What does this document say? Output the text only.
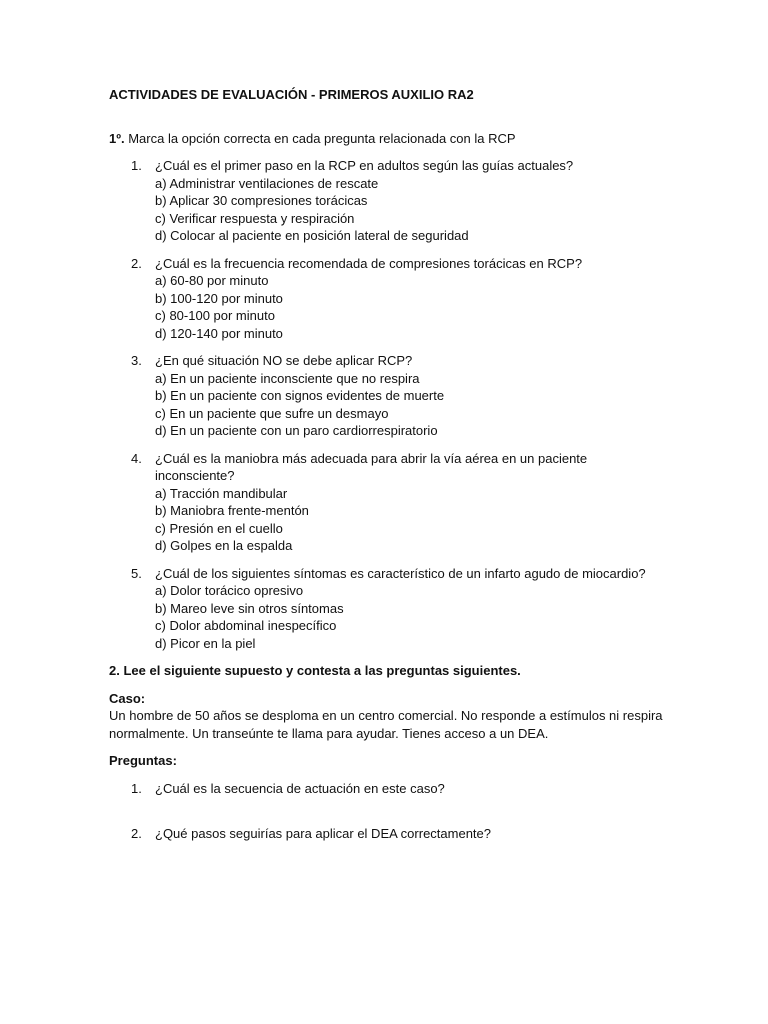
ACTIVIDADES DE EVALUACIÓN - PRIMEROS AUXILIO RA2
1º. Marca la opción correcta en cada pregunta relacionada con la RCP
1. ¿Cuál es el primer paso en la RCP en adultos según las guías actuales?
a) Administrar ventilaciones de rescate
b) Aplicar 30 compresiones torácicas
c) Verificar respuesta y respiración
d) Colocar al paciente en posición lateral de seguridad
2. ¿Cuál es la frecuencia recomendada de compresiones torácicas en RCP?
a) 60-80 por minuto
b) 100-120 por minuto
c) 80-100 por minuto
d) 120-140 por minuto
3. ¿En qué situación NO se debe aplicar RCP?
a) En un paciente inconsciente que no respira
b) En un paciente con signos evidentes de muerte
c) En un paciente que sufre un desmayo
d) En un paciente con un paro cardiorrespiratorio
4. ¿Cuál es la maniobra más adecuada para abrir la vía aérea en un paciente inconsciente?
a) Tracción mandibular
b) Maniobra frente-mentón
c) Presión en el cuello
d) Golpes en la espalda
5. ¿Cuál de los siguientes síntomas es característico de un infarto agudo de miocardio?
a) Dolor torácico opresivo
b) Mareo leve sin otros síntomas
c) Dolor abdominal inespecífico
d) Picor en la piel
2. Lee el siguiente supuesto y contesta a las preguntas siguientes.
Caso:
Un hombre de 50 años se desploma en un centro comercial. No responde a estímulos ni respira normalmente. Un transeúnte te llama para ayudar. Tienes acceso a un DEA.
Preguntas:
1. ¿Cuál es la secuencia de actuación en este caso?
2. ¿Qué pasos seguirías para aplicar el DEA correctamente?
